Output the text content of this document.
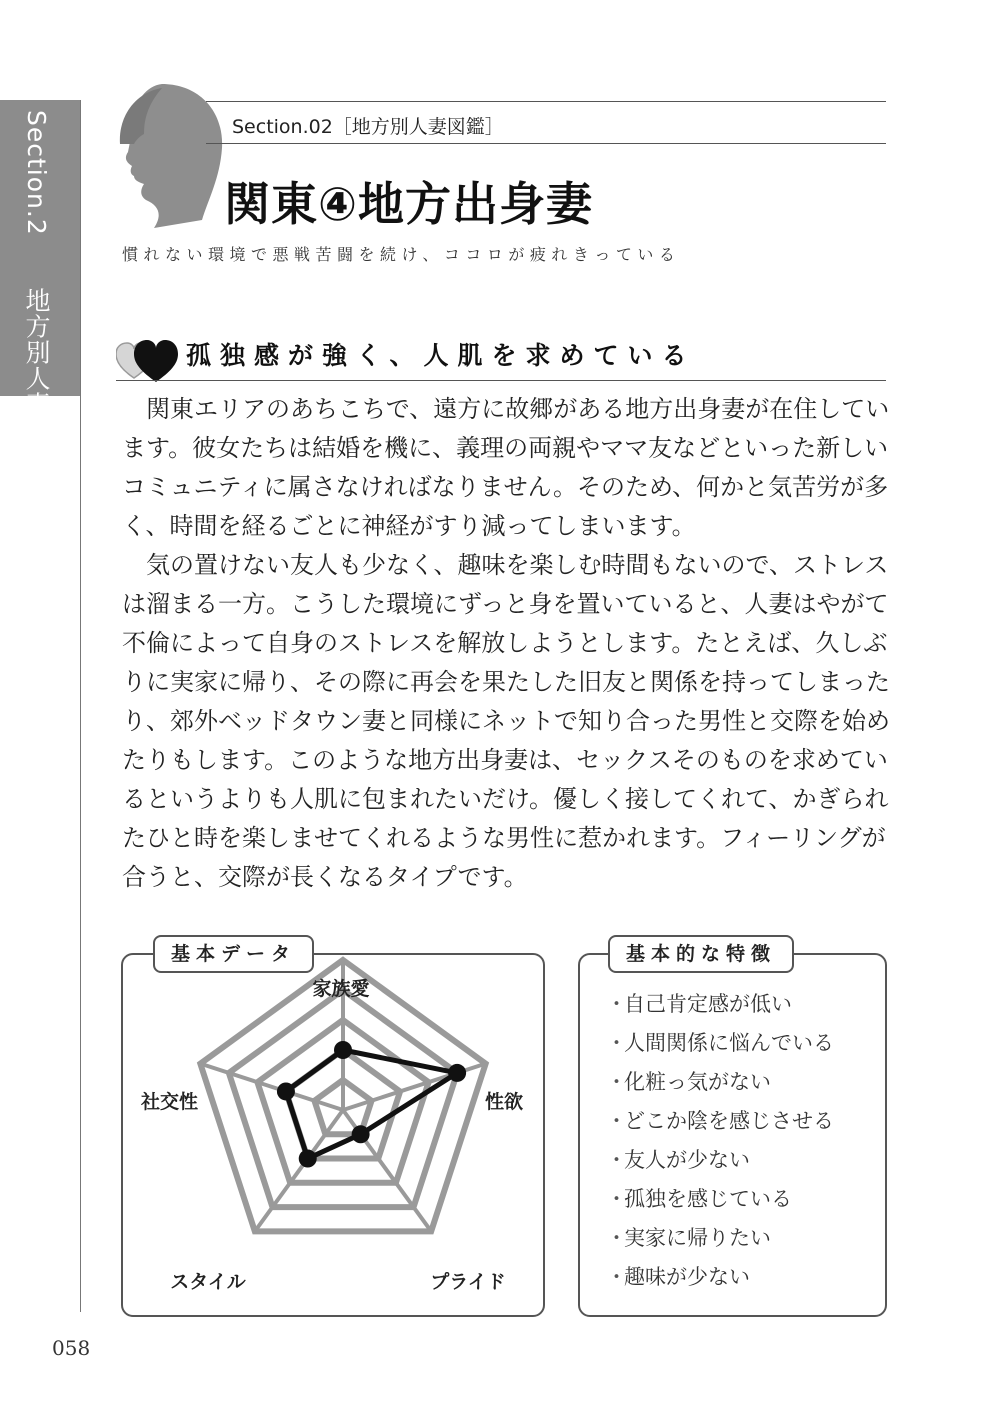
Section.2  地方別人妻図鑑
Section.02［地方別人妻図鑑］
関東④地方出身妻
慣れない環境で悪戦苦闘を続け、ココロが疲れきっている
孤独感が強く、人肌を求めている

関東エリアのあちこちで、遠方に故郷がある地方出身妻が在住しています。彼女たちは結婚を機に、義理の両親やママ友などといった新しいコミュニティに属さなければなりません。そのため、何かと気苦労が多く、時間を経るごとに神経がすり減ってしまいます。

気の置けない友人も少なく、趣味を楽しむ時間もないので、ストレスは溜まる一方。こうした環境にずっと身を置いていると、人妻はやがて不倫によって自身のストレスを解放しようとします。たとえば、久しぶりに実家に帰り、その際に再会を果たした旧友と関係を持ってしまったり、郊外ベッドタウン妻と同様にネットで知り合った男性と交際を始めたりもします。このような地方出身妻は、セックスそのものを求めているというよりも人肌に包まれたいだけ。優しく接してくれて、かぎられたひと時を楽しませてくれるような男性に惹かれます。フィーリングが合うと、交際が長くなるタイプです。

家族愛
性欲
プライド
スタイル
社交性
基本データ	基本的な特徴
・自己肯定感が低い
・人間関係に悩んでいる
・化粧っ気がない
・どこか陰を感じさせる
・友人が少ない
・孤独を感じている
・実家に帰りたい
・趣味が少ない
058
